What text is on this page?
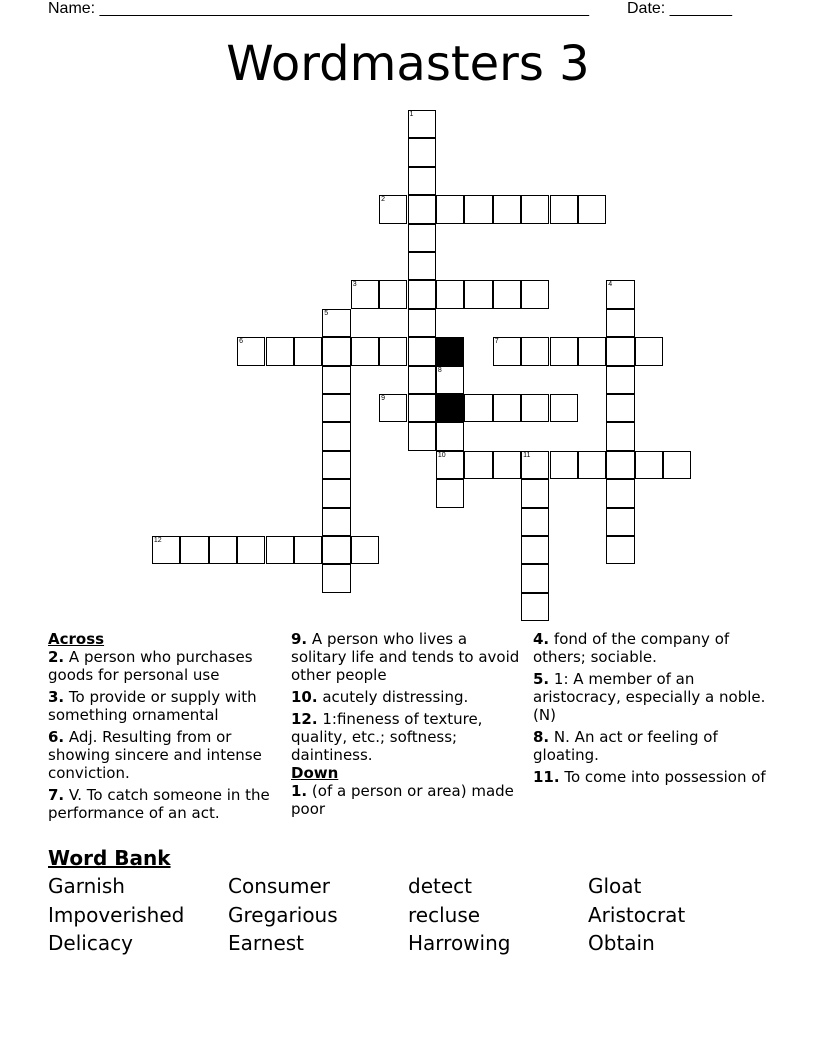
Name: _______________________________________________________ Date: _______
Wordmasters 3
1
2
3	4
5
6	7
8
10
9
11
12

Across

2. A person who purchases goods for personal use

3. To provide or supply with something ornamental

6. Adj. Resulting from or showing sincere and intense conviction.

7. V. To catch someone in the performance of an act.

9. A person who lives a solitary life and tends to avoid other people

10. acutely distressing.

12. 1:fineness of texture, quality, etc.; softness; daintiness.

Down

1. (of a person or area) made poor

4. fond of the company of others; sociable.

5. 1: A member of an aristocracy, especially a noble. (N)

8. N. An act or feeling of gloating.

11. To come into possession of

Word Bank
Garnish	Consumer	detect	Gloat
Impoverished Gregarious	recluse	Aristocrat
Delicacy	Earnest	Harrowing	Obtain
